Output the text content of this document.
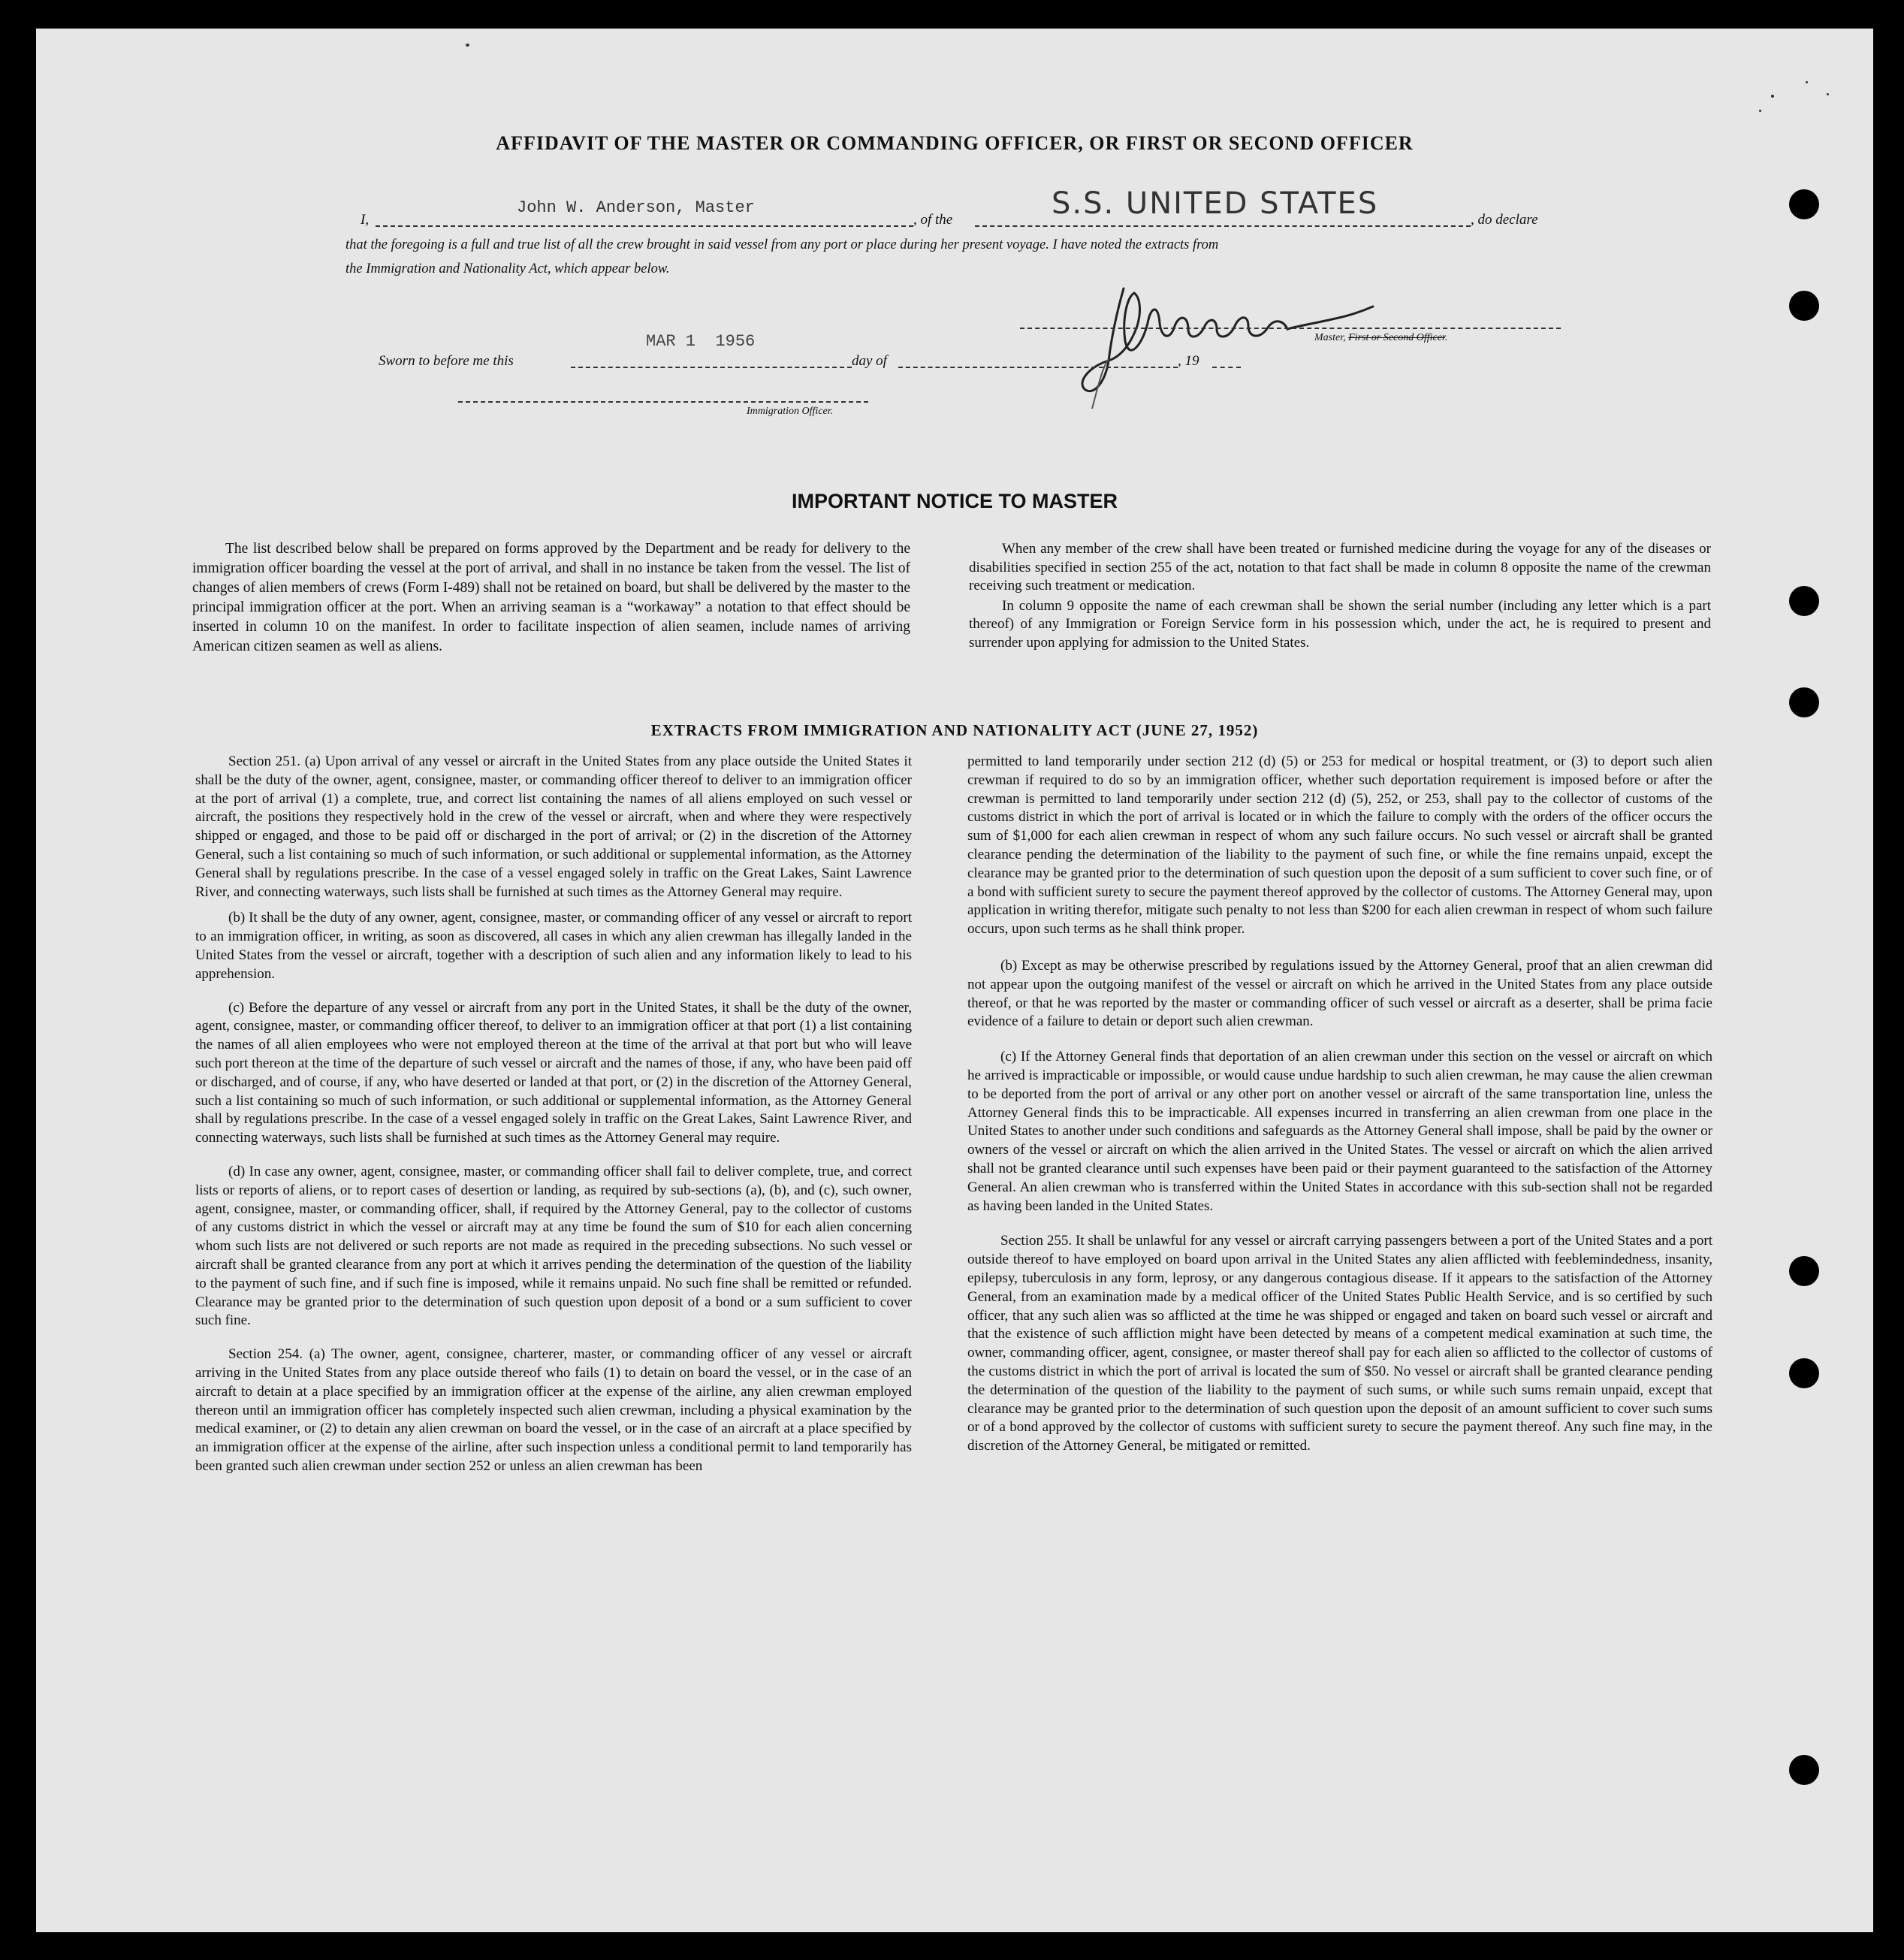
AFFIDAVIT OF THE MASTER OR COMMANDING OFFICER, OR FIRST OR SECOND OFFICER
I,
John W. Anderson, Master
, of the	S.S. UNITED STATES	, do declare
that the foregoing is a full and true list of all the crew brought in said vessel from any port or place during her present voyage. I have noted the extracts from
the Immigration and Nationality Act, which appear below.
Master, First or Second Officer.
MAR 1  1956
Sworn to before me this	day of	, 19
Immigration Officer.
IMPORTANT NOTICE TO MASTER

The list described below shall be prepared on forms approved by the Department and be ready for delivery to the immigration officer boarding the vessel at the port of arrival, and shall in no instance be taken from the vessel. The list of changes of alien members of crews (Form I-489) shall not be retained on board, but shall be delivered by the master to the principal immigration officer at the port. When an arriving seaman is a “workaway” a notation to that effect should be inserted in column 10 on the manifest. In order to facilitate inspection of alien seamen, include names of arriving American citizen seamen as well as aliens.

When any member of the crew shall have been treated or furnished medicine during the voyage for any of the diseases or disabilities specified in section 255 of the act, notation to that fact shall be made in column 8 opposite the name of the crewman receiving such treatment or medication.

In column 9 opposite the name of each crewman shall be shown the serial number (including any letter which is a part thereof) of any Immigration or Foreign Service form in his possession which, under the act, he is required to present and surrender upon applying for admission to the United States.

EXTRACTS FROM IMMIGRATION AND NATIONALITY ACT (JUNE 27, 1952)

Section 251. (a) Upon arrival of any vessel or aircraft in the United States from any place outside the United States it shall be the duty of the owner, agent, consignee, master, or commanding officer thereof to deliver to an immigration officer at the port of arrival (1) a complete, true, and correct list containing the names of all aliens employed on such vessel or aircraft, the positions they respectively hold in the crew of the vessel or aircraft, when and where they were respectively shipped or engaged, and those to be paid off or discharged in the port of arrival; or (2) in the discretion of the Attorney General, such a list containing so much of such information, or such additional or supplemental information, as the Attorney General shall by regulations prescribe. In the case of a vessel engaged solely in traffic on the Great Lakes, Saint Lawrence River, and connecting waterways, such lists shall be furnished at such times as the Attorney General may require.

(b) It shall be the duty of any owner, agent, consignee, master, or commanding officer of any vessel or aircraft to report to an immigration officer, in writing, as soon as discovered, all cases in which any alien crewman has illegally landed in the United States from the vessel or aircraft, together with a description of such alien and any information likely to lead to his apprehension.

(c) Before the departure of any vessel or aircraft from any port in the United States, it shall be the duty of the owner, agent, consignee, master, or commanding officer thereof, to deliver to an immigration officer at that port (1) a list containing the names of all alien employees who were not employed thereon at the time of the arrival at that port but who will leave such port thereon at the time of the departure of such vessel or aircraft and the names of those, if any, who have been paid off or discharged, and of course, if any, who have deserted or landed at that port, or (2) in the discretion of the Attorney General, such a list containing so much of such information, or such additional or supplemental information, as the Attorney General shall by regulations prescribe. In the case of a vessel engaged solely in traffic on the Great Lakes, Saint Lawrence River, and connecting waterways, such lists shall be furnished at such times as the Attorney General may require.

(d) In case any owner, agent, consignee, master, or commanding officer shall fail to deliver complete, true, and correct lists or reports of aliens, or to report cases of desertion or landing, as required by sub-sections (a), (b), and (c), such owner, agent, consignee, master, or commanding officer, shall, if required by the Attorney General, pay to the collector of customs of any customs district in which the vessel or aircraft may at any time be found the sum of $10 for each alien concerning whom such lists are not delivered or such reports are not made as required in the preceding subsections. No such vessel or aircraft shall be granted clearance from any port at which it arrives pending the determination of the question of the liability to the payment of such fine, and if such fine is imposed, while it remains unpaid. No such fine shall be remitted or refunded. Clearance may be granted prior to the determination of such question upon deposit of a bond or a sum sufficient to cover such fine.

Section 254. (a) The owner, agent, consignee, charterer, master, or commanding officer of any vessel or aircraft arriving in the United States from any place outside thereof who fails (1) to detain on board the vessel, or in the case of an aircraft to detain at a place specified by an immigration officer at the expense of the airline, any alien crewman employed thereon until an immigration officer has completely inspected such alien crewman, including a physical examination by the medical examiner, or (2) to detain any alien crewman on board the vessel, or in the case of an aircraft at a place specified by an immigration officer at the expense of the airline, after such inspection unless a conditional permit to land temporarily has been granted such alien crewman under section 252 or unless an alien crewman has been

permitted to land temporarily under section 212 (d) (5) or 253 for medical or hospital treatment, or (3) to deport such alien crewman if required to do so by an immigration officer, whether such deportation requirement is imposed before or after the crewman is permitted to land temporarily under section 212 (d) (5), 252, or 253, shall pay to the collector of customs of the customs district in which the port of arrival is located or in which the failure to comply with the orders of the officer occurs the sum of $1,000 for each alien crewman in respect of whom any such failure occurs. No such vessel or aircraft shall be granted clearance pending the determination of the liability to the payment of such fine, or while the fine remains unpaid, except the clearance may be granted prior to the determination of such question upon the deposit of a sum sufficient to cover such fine, or of a bond with sufficient surety to secure the payment thereof approved by the collector of customs. The Attorney General may, upon application in writing therefor, mitigate such penalty to not less than $200 for each alien crewman in respect of whom such failure occurs, upon such terms as he shall think proper.

(b) Except as may be otherwise prescribed by regulations issued by the Attorney General, proof that an alien crewman did not appear upon the outgoing manifest of the vessel or aircraft on which he arrived in the United States from any place outside thereof, or that he was reported by the master or commanding officer of such vessel or aircraft as a deserter, shall be prima facie evidence of a failure to detain or deport such alien crewman.

(c) If the Attorney General finds that deportation of an alien crewman under this section on the vessel or aircraft on which he arrived is impracticable or impossible, or would cause undue hardship to such alien crewman, he may cause the alien crewman to be deported from the port of arrival or any other port on another vessel or aircraft of the same transportation line, unless the Attorney General finds this to be impracticable. All expenses incurred in transferring an alien crewman from one place in the United States to another under such conditions and safeguards as the Attorney General shall impose, shall be paid by the owner or owners of the vessel or aircraft on which the alien arrived in the United States. The vessel or aircraft on which the alien arrived shall not be granted clearance until such expenses have been paid or their payment guaranteed to the satisfaction of the Attorney General. An alien crewman who is transferred within the United States in accordance with this sub-section shall not be regarded as having been landed in the United States.

Section 255. It shall be unlawful for any vessel or aircraft carrying passengers between a port of the United States and a port outside thereof to have employed on board upon arrival in the United States any alien afflicted with feeblemindedness, insanity, epilepsy, tuberculosis in any form, leprosy, or any dangerous contagious disease. If it appears to the satisfaction of the Attorney General, from an examination made by a medical officer of the United States Public Health Service, and is so certified by such officer, that any such alien was so afflicted at the time he was shipped or engaged and taken on board such vessel or aircraft and that the existence of such affliction might have been detected by means of a competent medical examination at such time, the owner, commanding officer, agent, consignee, or master thereof shall pay for each alien so afflicted to the collector of customs of the customs district in which the port of arrival is located the sum of $50. No vessel or aircraft shall be granted clearance pending the determination of the question of the liability to the payment of such sums, or while such sums remain unpaid, except that clearance may be granted prior to the determination of such question upon the deposit of an amount sufficient to cover such sums or of a bond approved by the collector of customs with sufficient surety to secure the payment thereof. Any such fine may, in the discretion of the Attorney General, be mitigated or remitted.
